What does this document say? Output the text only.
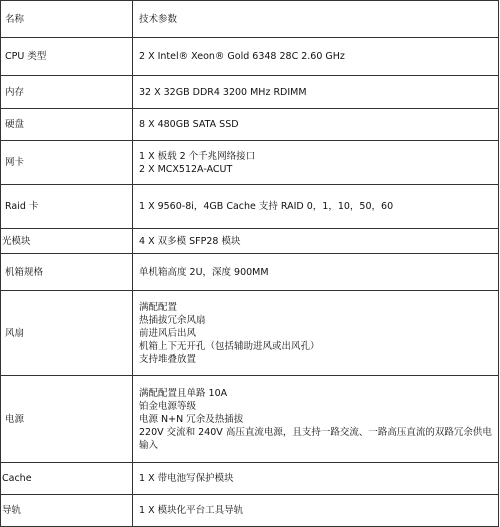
名称	技术参数
CPU 类型	2 X Intel® Xeon® Gold 6348 28C 2.60 GHz

内存	32 X 32GB DDR4 3200 MHz RDIMM

硬盘	8 X 480GB SATA SSD

网卡	1 X 板载 2 个千兆网络接口
2 X MCX512A-ACUT

Raid 卡	1 X 9560-8i，4GB Cache 支持 RAID 0，1，10，50，60

光模块	4 X 双多模 SFP28 模块

机箱规格	单机箱高度 2U，深度 900MM

风扇	满配配置
热插拔冗余风扇
前进风后出风
机箱上下无开孔（包括辅助进风或出风孔）
支持堆叠放置

电源	满配配置且单路 10A
铂金电源等级
电源 N+N 冗余及热插拔
220V 交流和 240V 高压直流电源，且支持一路交流、一路高压直流的双路冗余供电输入

Cache	1 X 带电池写保护模块

导轨	1 X 模块化平台工具导轨
